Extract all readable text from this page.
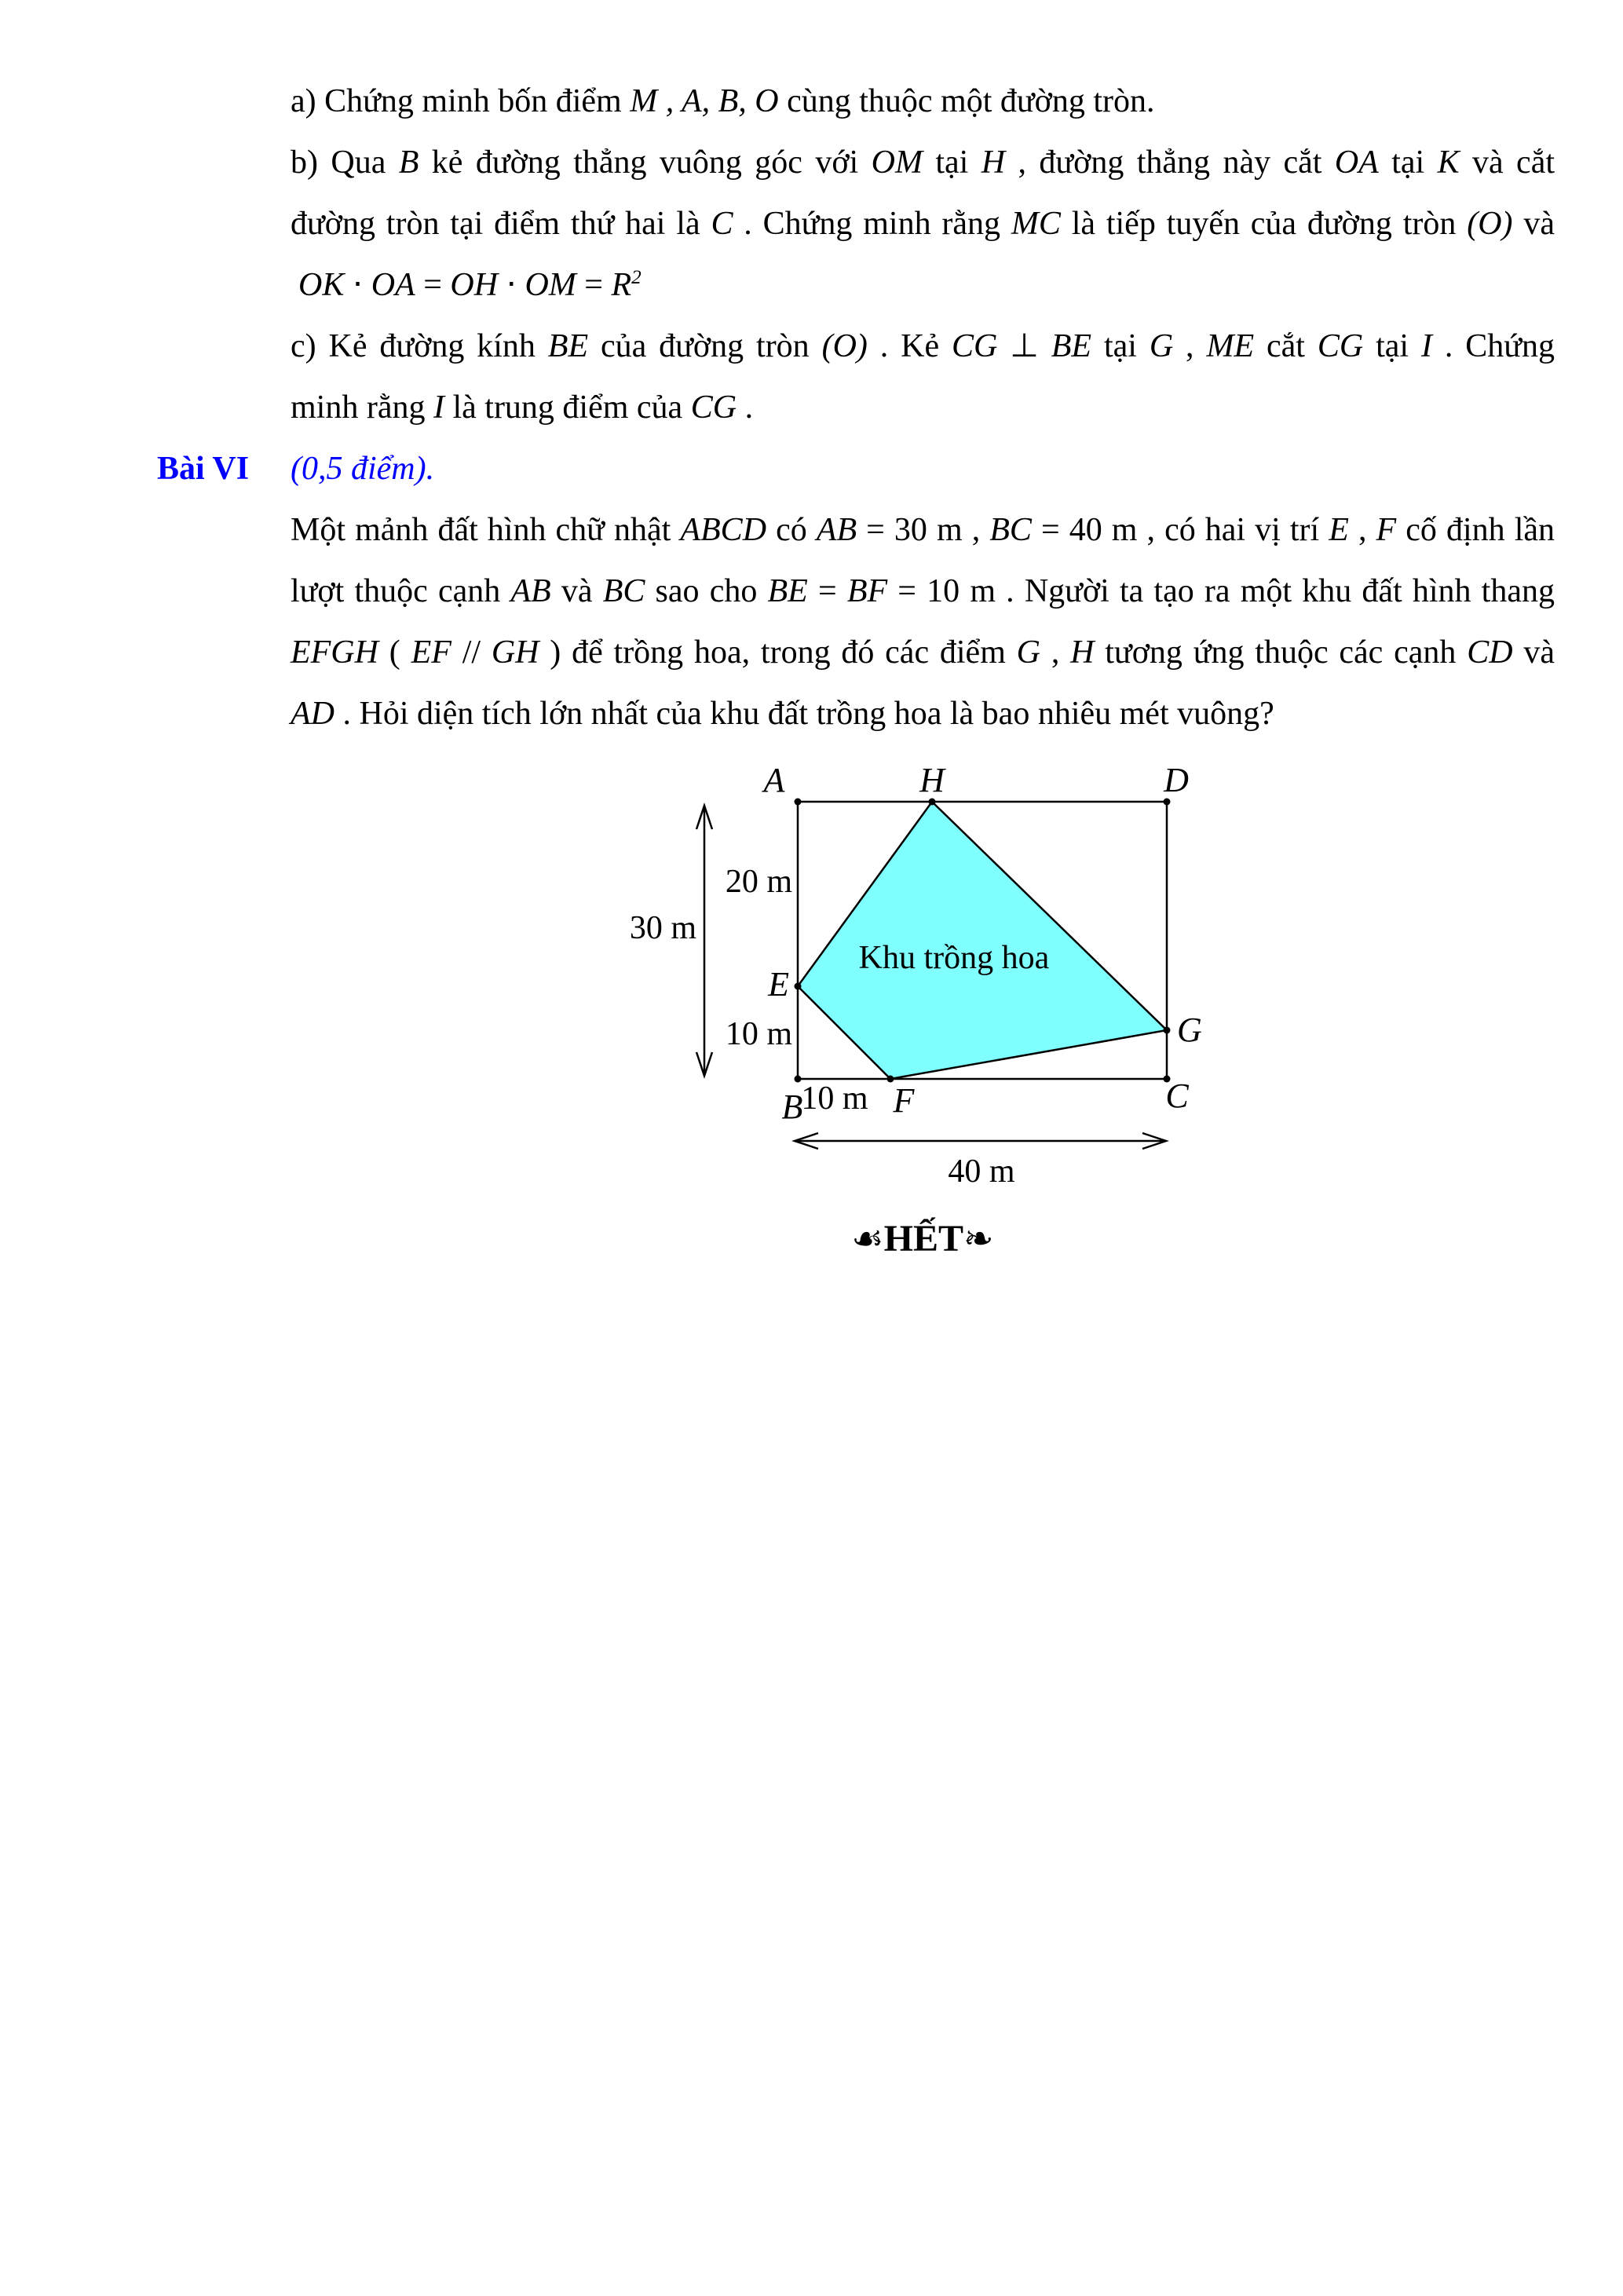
a) Chứng minh bốn điểm M , A, B, O cùng thuộc một đường tròn.
b) Qua B kẻ đường thẳng vuông góc với OM tại H , đường thẳng này cắt OA tại K và cắt
đường tròn tại điểm thứ hai là C . Chứng minh rằng MC là tiếp tuyến của đường tròn (O) và
OK ⋅ OA = OH ⋅ OM = $R^2$
c) Kẻ đường kính BE của đường tròn (O) . Kẻ CG ⊥ BE tại G , ME cắt CG tại I . Chứng
minh rằng I là trung điểm của CG .
Bài VI (0,5 điểm).
Một mảnh đất hình chữ nhật ABCD có AB = 30 m , BC = 40 m , có hai vị trí E , F cố định lần
lượt thuộc cạnh AB và BC sao cho BE = BF = 10 m . Người ta tạo ra một khu đất hình thang
EFGH ( EF // GH ) để trồng hoa, trong đó các điểm G , H tương ứng thuộc các cạnh CD và
AD . Hỏi diện tích lớn nhất của khu đất trồng hoa là bao nhiêu mét vuông?
A	H	D
B	C
E
G
F
20 m
10 m
30 m
10 m
40 m
Khu trồng hoa
☙HẾT❧
